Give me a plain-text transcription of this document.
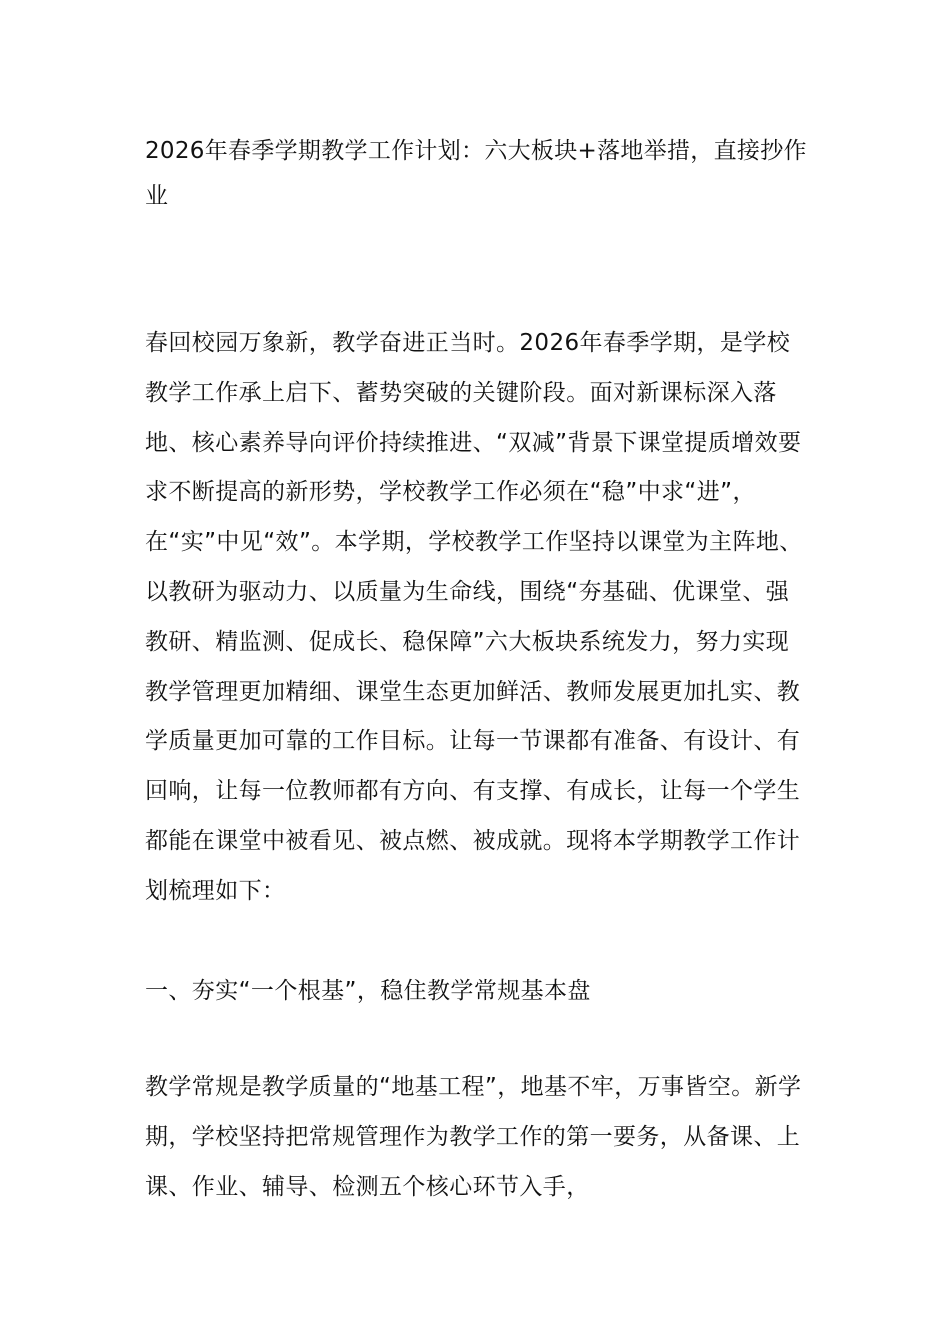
2026年春季学期教学工作计划：六大板块+落地举措，直接抄作业

春回校园万象新，教学奋进正当时。2026年春季学期，是学校教学工作承上启下、蓄势突破的关键阶段。面对新课标深入落地、核心素养导向评价持续推进、“双减”背景下课堂提质增效要求不断提高的新形势，学校教学工作必须在“稳”中求“进”，在“实”中见“效”。本学期，学校教学工作坚持以课堂为主阵地、以教研为驱动力、以质量为生命线，围绕“夯基础、优课堂、强教研、精监测、促成长、稳保障”六大板块系统发力，努力实现教学管理更加精细、课堂生态更加鲜活、教师发展更加扎实、教学质量更加可靠的工作目标。让每一节课都有准备、有设计、有回响，让每一位教师都有方向、有支撑、有成长，让每一个学生都能在课堂中被看见、被点燃、被成就。现将本学期教学工作计划梳理如下：

一、夯实“一个根基”，稳住教学常规基本盘

教学常规是教学质量的“地基工程”，地基不牢，万事皆空。新学期，学校坚持把常规管理作为教学工作的第一要务，从备课、上课、作业、辅导、检测五个核心环节入手，
